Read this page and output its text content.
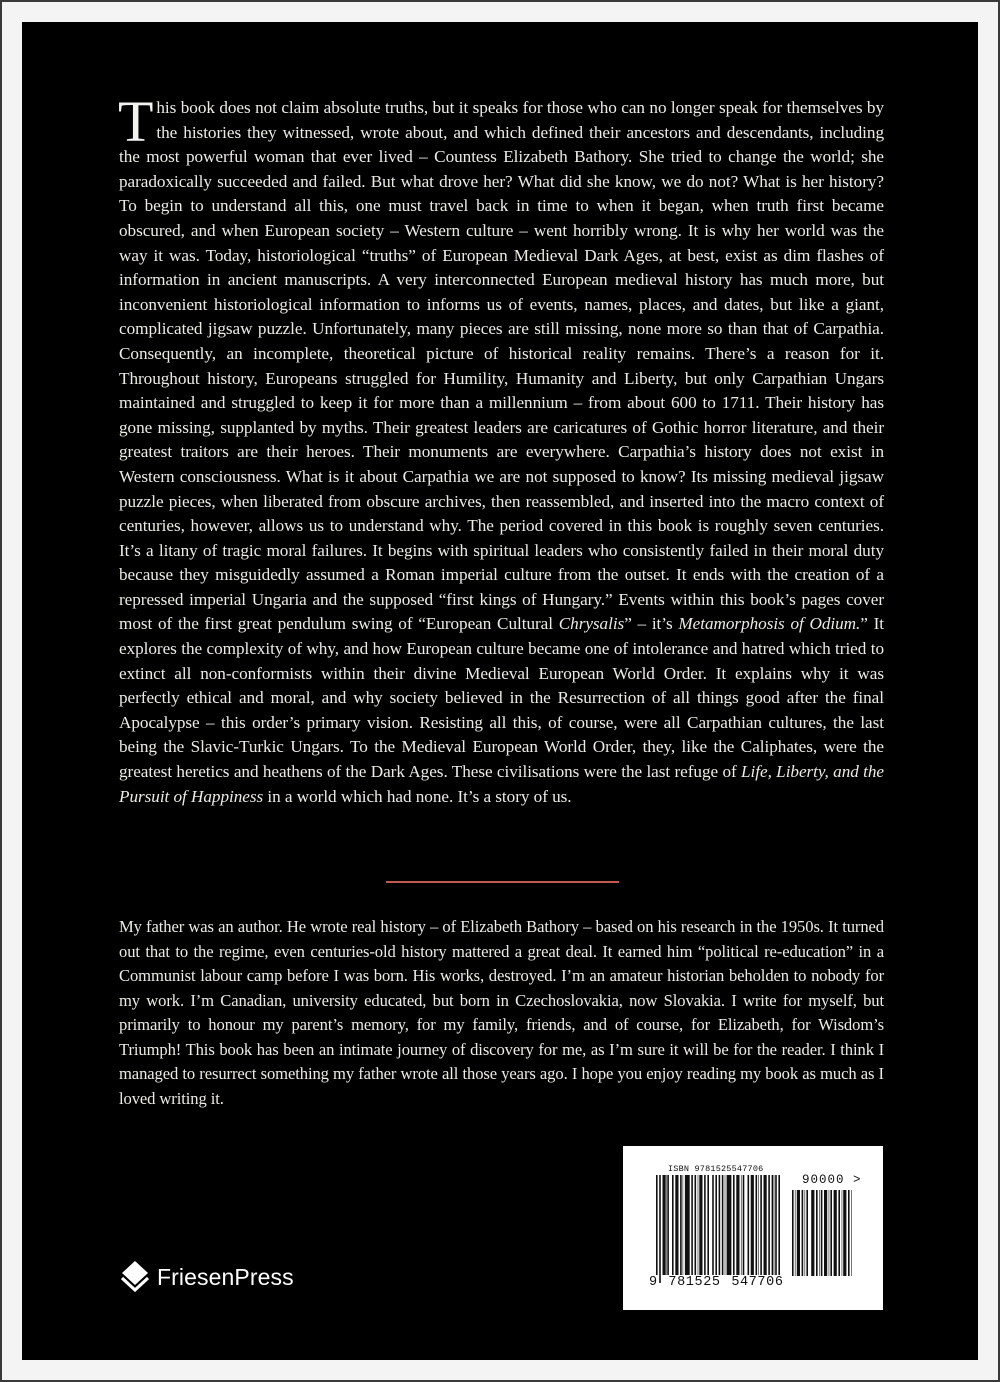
This book does not claim absolute truths, but it speaks for those who can no longer speak for themselves by the histories they witnessed, wrote about, and which defined their ancestors and descendants, including the most powerful woman that ever lived – Countess Elizabeth Bathory. She tried to change the world; she paradoxically succeeded and failed. But what drove her? What did she know, we do not? What is her history? To begin to understand all this, one must travel back in time to when it began, when truth first became obscured, and when European society – Western culture – went horribly wrong. It is why her world was the way it was. Today, historiological “truths” of European Medieval Dark Ages, at best, exist as dim flashes of information in ancient manuscripts. A very interconnected European medieval history has much more, but inconvenient historiological information to informs us of events, names, places, and dates, but like a giant, complicated jigsaw puzzle. Unfortunately, many pieces are still missing, none more so than that of Carpathia. Consequently, an incomplete, theoretical picture of historical reality remains. There’s a reason for it. Throughout history, Europeans struggled for Humility, Humanity and Liberty, but only Carpathian Ungars maintained and struggled to keep it for more than a millennium – from about 600 to 1711. Their history has gone missing, supplanted by myths. Their greatest leaders are caricatures of Gothic horror literature, and their greatest traitors are their heroes. Their monuments are everywhere. Carpathia’s history does not exist in Western consciousness. What is it about Carpathia we are not supposed to know? Its missing medieval jigsaw puzzle pieces, when liberated from obscure archives, then reassembled, and inserted into the macro context of centuries, however, allows us to understand why. The period covered in this book is roughly seven centuries. It’s a litany of tragic moral failures. It begins with spiritual leaders who consistently failed in their moral duty because they misguidedly assumed a Roman imperial culture from the outset. It ends with the creation of a repressed imperial Ungaria and the supposed “first kings of Hungary.” Events within this book’s pages cover most of the first great pendulum swing of “European Cultural Chrysalis” – it’s Metamorphosis of Odium.” It explores the complexity of why, and how European culture became one of intolerance and hatred which tried to extinct all non-conformists within their divine Medieval European World Order. It explains why it was perfectly ethical and moral, and why society believed in the Resurrection of all things good after the final Apocalypse – this order’s primary vision. Resisting all this, of course, were all Carpathian cultures, the last being the Slavic-Turkic Ungars. To the Medieval European World Order, they, like the Caliphates, were the greatest heretics and heathens of the Dark Ages. These civilisations were the last refuge of Life, Liberty, and the Pursuit of Happiness in a world which had none. It’s a story of us.

My father was an author. He wrote real history – of Elizabeth Bathory – based on his research in the 1950s. It turned out that to the regime, even centuries-old history mattered a great deal. It earned him “political re-education” in a Communist labour camp before I was born. His works, destroyed. I’m an amateur historian beholden to nobody for my work. I’m Canadian, university educated, but born in Czechoslovakia, now Slovakia. I write for myself, but primarily to honour my parent’s memory, for my family, friends, and of course, for Elizabeth, for Wisdom’s Triumph! This book has been an intimate journey of discovery for me, as I’m sure it will be for the reader. I think I managed to resurrect something my father wrote all those years ago. I hope you enjoy reading my book as much as I loved writing it.

FriesenPress
ISBN 9781525547706
90000 >
9 781525 547706
